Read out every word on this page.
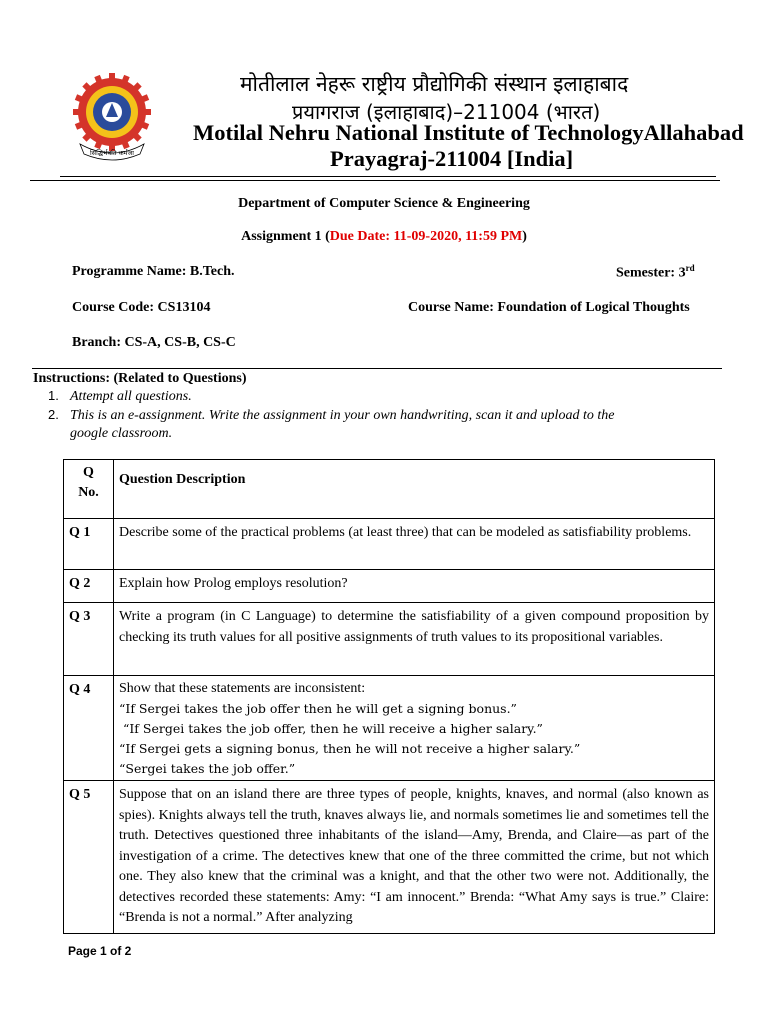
सिद्धिर्भवति कर्मजा
मोतीलाल नेहरू राष्ट्रीय प्रौद्योगिकी संस्थान इलाहाबाद
प्रयागराज (इलाहाबाद)–211004 (भारत)
Motilal Nehru National Institute of TechnologyAllahabad
Prayagraj-211004 [India]
Department of Computer Science & Engineering
Assignment 1 (Due Date: 11-09-2020, 11:59 PM)
Programme Name: B.Tech.	Semester: 3rd
Course Code: CS13104	Course Name: Foundation of Logical Thoughts
Branch: CS-A, CS-B, CS-C
Instructions: (Related to Questions)
1. Attempt all questions.
2. This is an e-assignment. Write the assignment in your own handwriting, scan it and upload to the
google classroom.
Q
No.	Question Description
Q 1	Describe some of the practical problems (at least three) that can be modeled as satisfiability problems.
Q 2	Explain how Prolog employs resolution?
Q 3	Write a program (in C Language) to determine the satisfiability of a given compound proposition by checking its truth values for all positive assignments of truth values to its propositional variables.
Q 4	Show that these statements are inconsistent:
“If Sergei takes the job offer then he will get a signing bonus.”
“If Sergei takes the job offer, then he will receive a higher salary.”
“If Sergei gets a signing bonus, then he will not receive a higher salary.”
“Sergei takes the job offer.”

Q 5	Suppose that on an island there are three types of people, knights, knaves, and normal (also known as spies). Knights always tell the truth, knaves always lie, and normals sometimes lie and sometimes tell the truth. Detectives questioned three inhabitants of the island—Amy, Brenda, and Claire—as part of the investigation of a crime. The detectives knew that one of the three committed the crime, but not which one. They also knew that the criminal was a knight, and that the other two were not. Additionally, the detectives recorded these statements: Amy: “I am innocent.” Brenda: “What Amy says is true.” Claire: “Brenda is not a normal.” After analyzing
Page 1 of 2
